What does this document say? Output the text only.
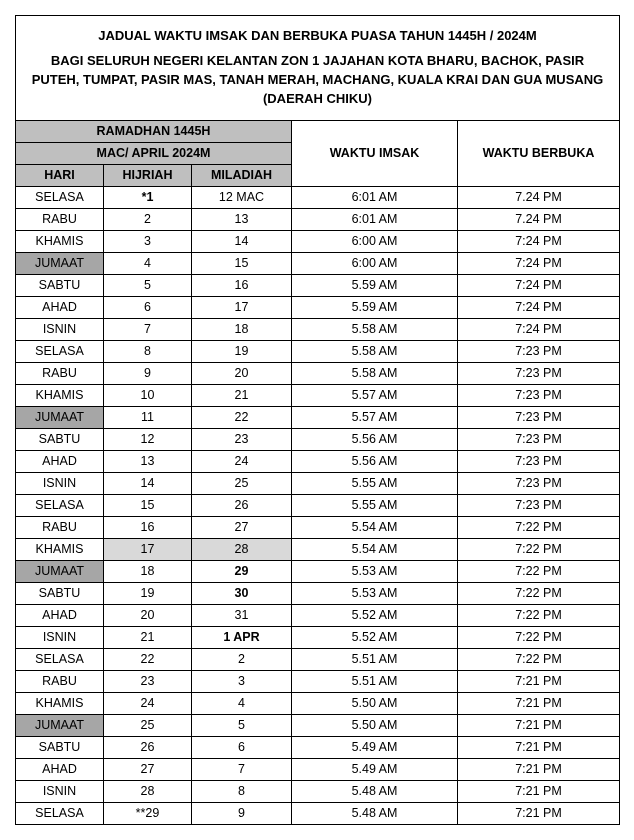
JADUAL WAKTU IMSAK DAN BERBUKA PUASA TAHUN 1445H / 2024M
BAGI SELURUH NEGERI KELANTAN ZON 1 JAJAHAN KOTA BHARU, BACHOK, PASIR PUTEH, TUMPAT, PASIR MAS, TANAH MERAH, MACHANG, KUALA KRAI DAN GUA MUSANG (DAERAH CHIKU)				

RAMADHAN 1445H			WAKTU IMSAK	WAKTU BERBUKA
MAC/ APRIL 2024M				
HARI	HIJRIAH	MILADIAH		
SELASA	*1	12 MAC	6:01 AM	7.24 PM
RABU	2	13	6:01 AM	7.24 PM
KHAMIS	3	14	6:00 AM	7:24 PM
JUMAAT	4	15	6:00 AM	7:24 PM
SABTU	5	16	5.59 AM	7:24 PM
AHAD	6	17	5.59 AM	7:24 PM
ISNIN	7	18	5.58 AM	7:24 PM
SELASA	8	19	5.58 AM	7:23 PM
RABU	9	20	5.58 AM	7:23 PM
KHAMIS	10	21	5.57 AM	7:23 PM
JUMAAT	11	22	5.57 AM	7:23 PM
SABTU	12	23	5.56 AM	7:23 PM
AHAD	13	24	5.56 AM	7:23 PM
ISNIN	14	25	5.55 AM	7:23 PM
SELASA	15	26	5.55 AM	7:23 PM
RABU	16	27	5.54 AM	7:22 PM
KHAMIS	17	28	5.54 AM	7:22 PM
JUMAAT	18	29	5.53 AM	7:22 PM
SABTU	19	30	5.53 AM	7:22 PM
AHAD	20	31	5.52 AM	7:22 PM
ISNIN	21	1 APR	5.52 AM	7:22 PM
SELASA	22	2	5.51 AM	7:22 PM
RABU	23	3	5.51 AM	7:21 PM
KHAMIS	24	4	5.50 AM	7:21 PM
JUMAAT	25	5	5.50 AM	7:21 PM
SABTU	26	6	5.49 AM	7:21 PM
AHAD	27	7	5.49 AM	7:21 PM
ISNIN	28	8	5.48 AM	7:21 PM
SELASA	**29	9	5.48 AM	7:21 PM
